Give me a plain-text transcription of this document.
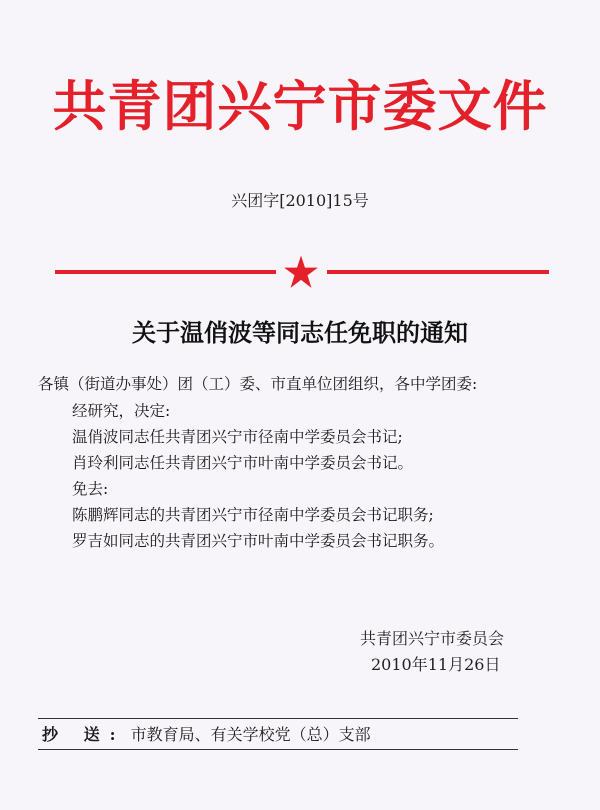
共青团兴宁市委文件
兴团字[2010]15号
关于温俏波等同志任免职的通知
各镇（街道办事处）团（工）委、市直单位团组织，各中学团委:
经研究，决定:
温俏波同志任共青团兴宁市径南中学委员会书记;
肖玲利同志任共青团兴宁市叶南中学委员会书记。
免去:
陈鹏辉同志的共青团兴宁市径南中学委员会书记职务;
罗吉如同志的共青团兴宁市叶南中学委员会书记职务。
共青团兴宁市委员会
2010年11月26日
抄 送: 市教育局、有关学校党（总）支部
